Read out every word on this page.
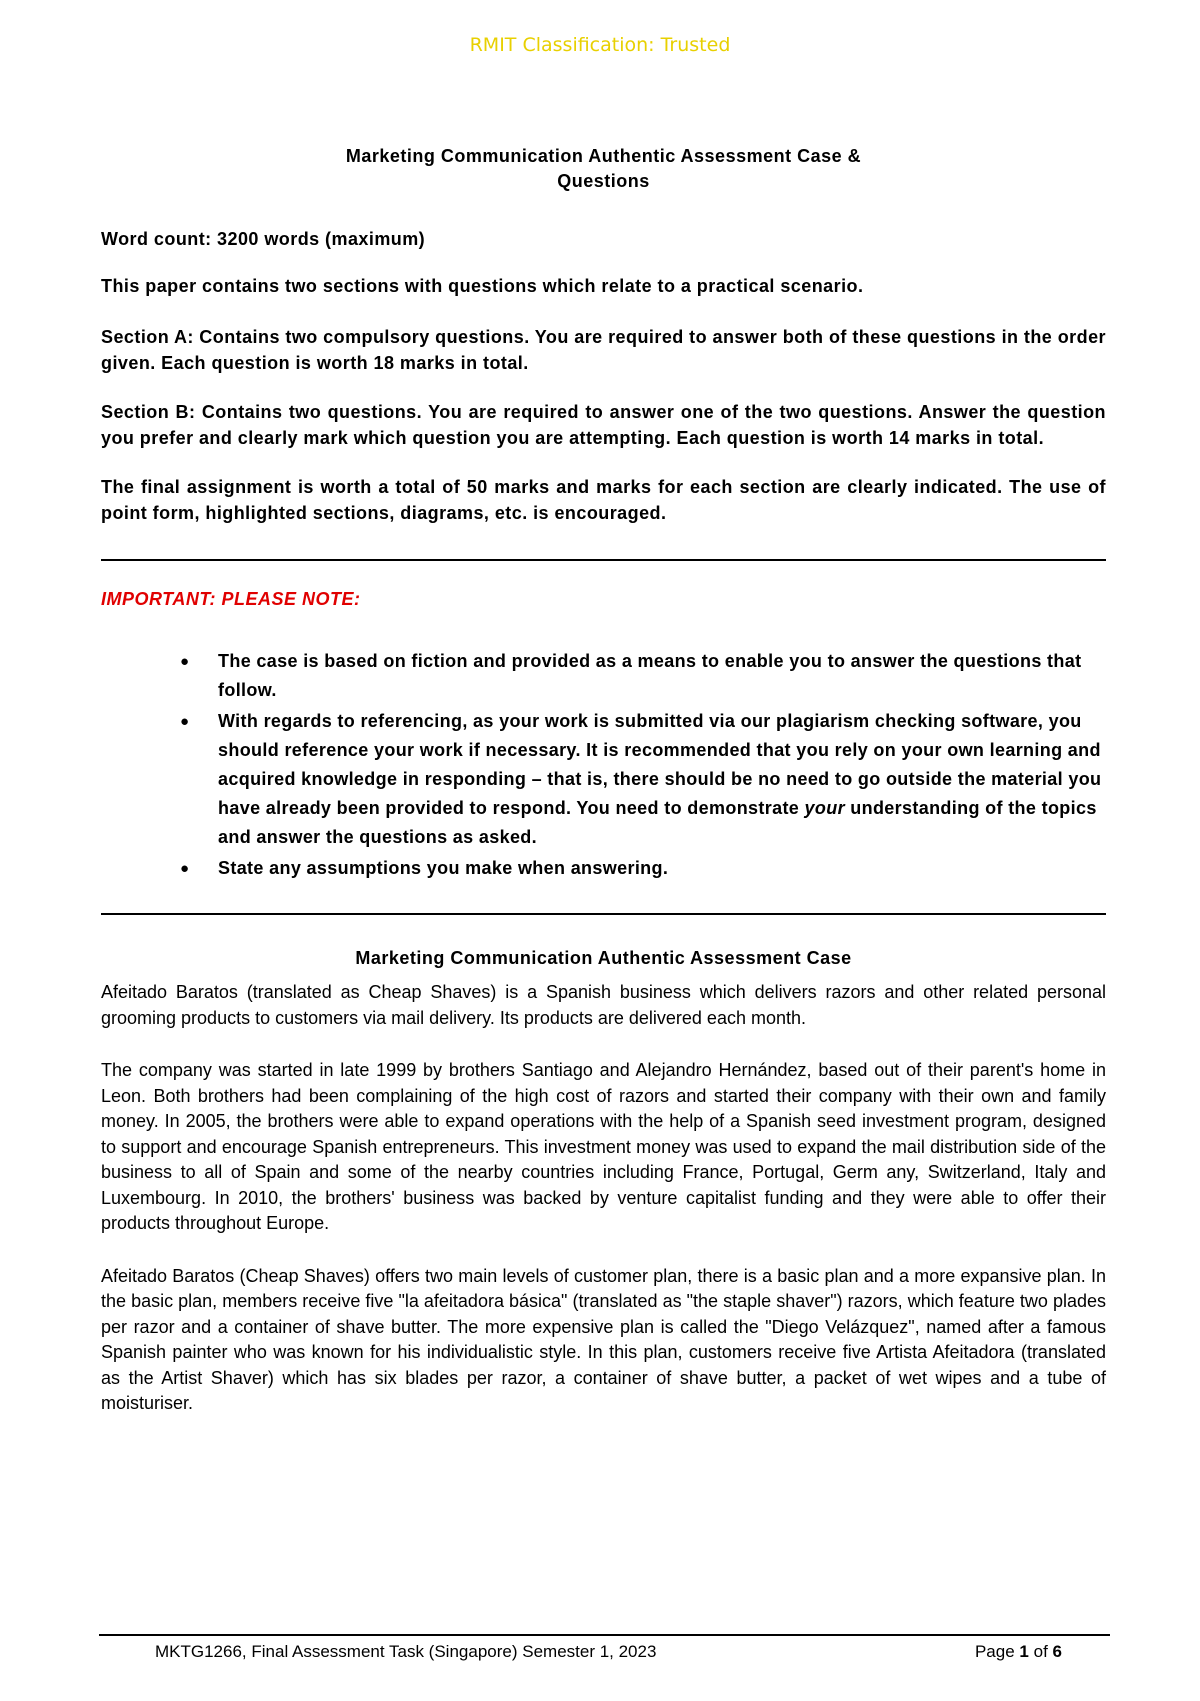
RMIT Classification: Trusted
Marketing Communication Authentic Assessment Case &
Questions

Word count: 3200 words (maximum)

This paper contains two sections with questions which relate to a practical scenario.

Section A: Contains two compulsory questions. You are required to answer both of these questions in the order given. Each question is worth 18 marks in total.

Section B: Contains two questions. You are required to answer one of the two questions. Answer the question you prefer and clearly mark which question you are attempting. Each question is worth 14 marks in total.

The final assignment is worth a total of 50 marks and marks for each section are clearly indicated. The use of point form, highlighted sections, diagrams, etc. is encouraged.

IMPORTANT: PLEASE NOTE:
● The case is based on fiction and provided as a means to enable you to answer the questions that follow.
● With regards to referencing, as your work is submitted via our plagiarism checking software, you should reference your work if necessary. It is recommended that you rely on your own learning and acquired knowledge in responding – that is, there should be no need to go outside the material you have already been provided to respond. You need to demonstrate your understanding of the topics and answer the questions as asked.
● State any assumptions you make when answering.
Marketing Communication Authentic Assessment Case

Afeitado Baratos (translated as Cheap Shaves) is a Spanish business which delivers razors and other related personal grooming products to customers via mail delivery. Its products are delivered each month.

The company was started in late 1999 by brothers Santiago and Alejandro Hernández, based out of their parent's home in Leon. Both brothers had been complaining of the high cost of razors and started their company with their own and family money. In 2005, the brothers were able to expand operations with the help of a Spanish seed investment program, designed to support and encourage Spanish entrepreneurs. This investment money was used to expand the mail distribution side of the business to all of Spain and some of the nearby countries including France, Portugal, Germ any, Switzerland, Italy and Luxembourg. In 2010, the brothers' business was backed by venture capitalist funding and they were able to offer their products throughout Europe.

Afeitado Baratos (Cheap Shaves) offers two main levels of customer plan, there is a basic plan and a more expansive plan. In the basic plan, members receive five "la afeitadora básica" (translated as "the staple shaver") razors, which feature two plades per razor and a container of shave butter. The more expensive plan is called the "Diego Velázquez", named after a famous Spanish painter who was known for his individualistic style. In this plan, customers receive five Artista Afeitadora (translated as the Artist Shaver) which has six blades per razor, a container of shave butter, a packet of wet wipes and a tube of moisturiser.

MKTG1266, Final Assessment Task (Singapore) Semester 1, 2023	Page 1 of 6
